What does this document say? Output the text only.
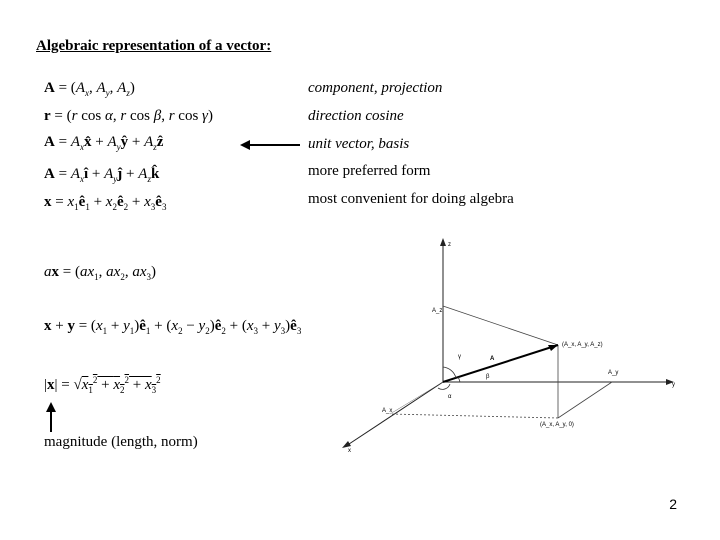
Algebraic representation of a vector:
$A = (A_x$, $A_y$, $A_z$)
r = (r cos α, r cos β, r cos γ)
$A = A_xx̂$ + $A_yŷ$ + $A_zẑ$
$A = A_xî$ + $A_yĵ$ + $A_zk̂$
$x = x_1ê_1$ + $x_2ê_2$ + $x_3ê_3$
ax = ($ax_1$, $ax_2$, $ax_3$)
$x + y = (x_1$ + $y_1)ê_1 + (x_2$ − $y_2)ê_2 + (x_3$ + $y_3)ê_3$
$|x| = √x_1^2 + x_2^2 + x_3^2$
component, projection
direction cosine
unit vector, basis
more preferred form
most convenient for doing algebra
magnitude (length, norm)
z
y
x
A_z
A_y
A_x
A
γ
β
α
(A_x, A_y, A_z)
(A_x, A_y, 0)
2
